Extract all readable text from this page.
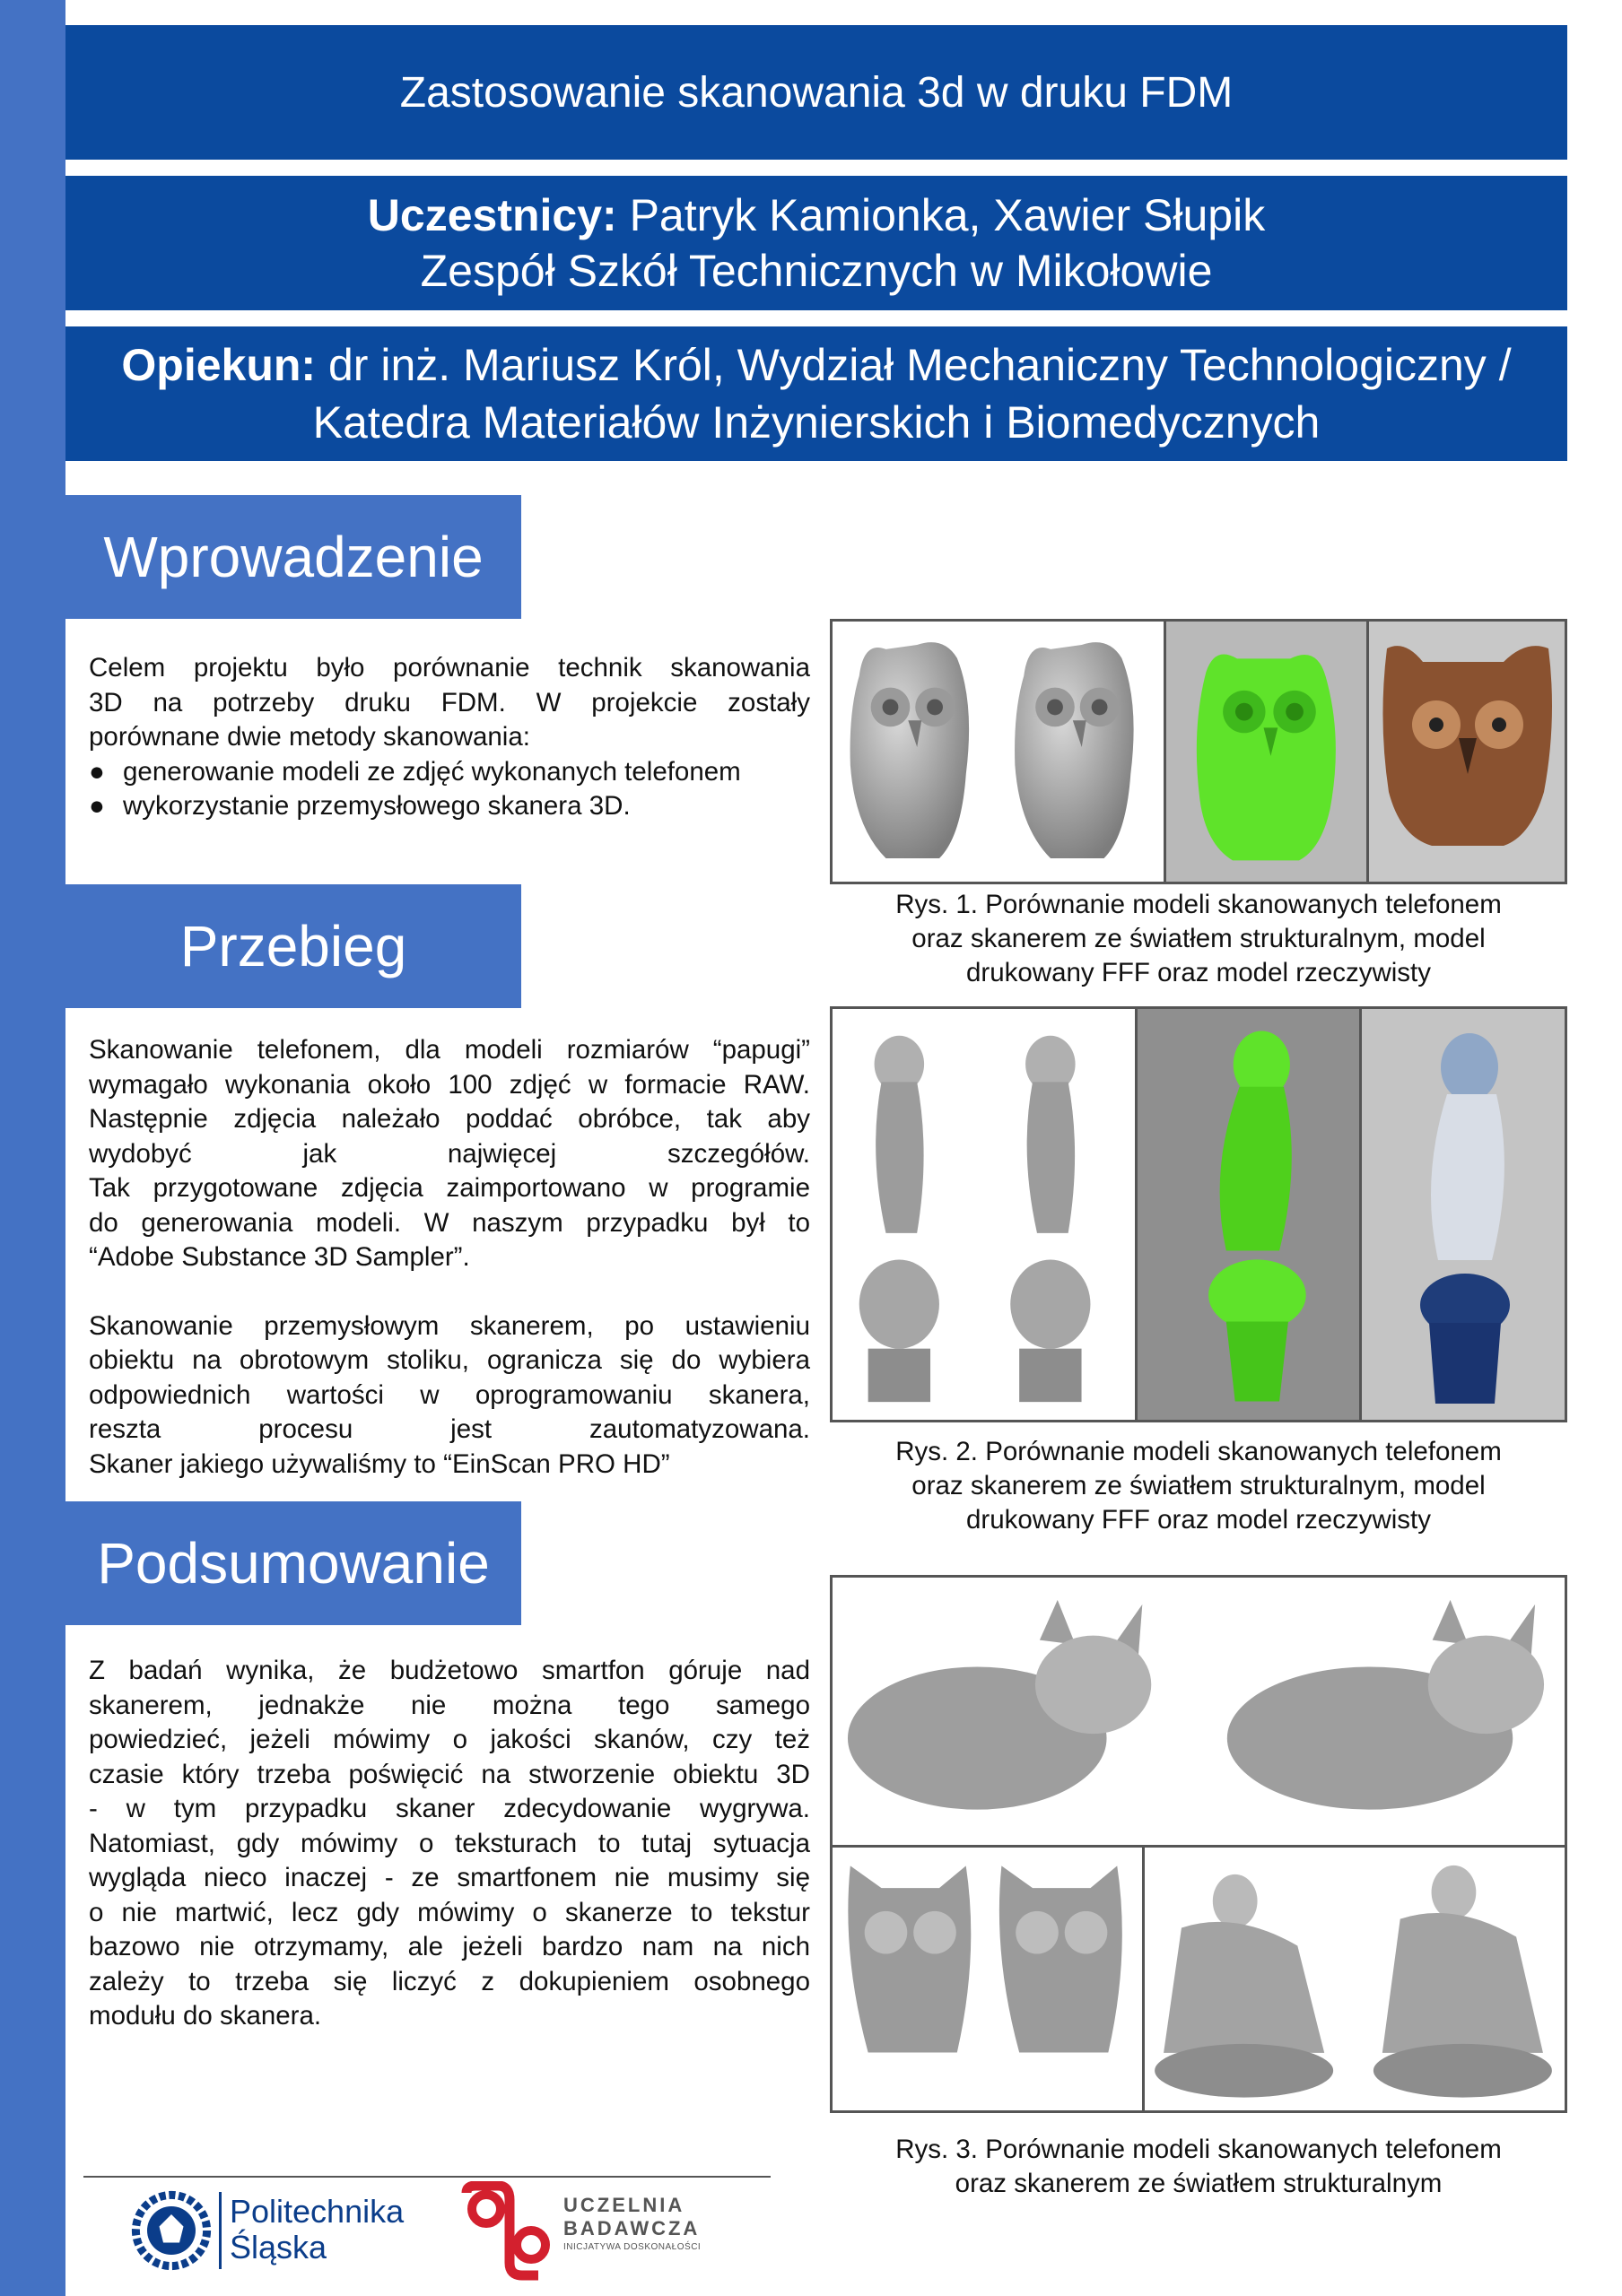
Zastosowanie skanowania 3d w druku FDM
Uczestnicy: Patryk Kamionka, Xawier Słupik
Zespół Szkół Technicznych w Mikołowie
Opiekun: dr inż. Mariusz Król, Wydział Mechaniczny Technologiczny /
Katedra Materiałów Inżynierskich i Biomedycznych
Wprowadzenie
Celem projektu było porównanie technik skanowania
3D na potrzeby druku FDM. W projekcie zostały
porównane dwie metody skanowania:
● generowanie modeli ze zdjęć wykonanych telefonem
● wykorzystanie przemysłowego skanera 3D.
Przebieg
Skanowanie telefonem, dla modeli rozmiarów “papugi”
wymagało wykonania około 100 zdjęć w formacie RAW.
Następnie zdjęcia należało poddać obróbce, tak aby
wydobyć jak najwięcej szczegółów.
Tak przygotowane zdjęcia zaimportowano w programie
do generowania modeli. W naszym przypadku był to
“Adobe Substance 3D Sampler”.
Skanowanie przemysłowym skanerem, po ustawieniu
obiektu na obrotowym stoliku, ogranicza się do wybiera
odpowiednich wartości w oprogramowaniu skanera,
reszta procesu jest zautomatyzowana.
Skaner jakiego używaliśmy to “EinScan PRO HD”
Podsumowanie
Z badań wynika, że budżetowo smartfon góruje nad
skanerem, jednakże nie można tego samego
powiedzieć, jeżeli mówimy o jakości skanów, czy też
czasie który trzeba poświęcić na stworzenie obiektu 3D
- w tym przypadku skaner zdecydowanie wygrywa.
Natomiast, gdy mówimy o teksturach to tutaj sytuacja
wygląda nieco inaczej - ze smartfonem nie musimy się
o nie martwić, lecz gdy mówimy o skanerze to tekstur
bazowo nie otrzymamy, ale jeżeli bardzo nam na nich
zależy to trzeba się liczyć z dokupieniem osobnego
modułu do skanera.
Rys. 1. Porównanie modeli skanowanych telefonem
oraz skanerem ze światłem strukturalnym, model
drukowany FFF oraz model rzeczywisty
Rys. 2. Porównanie modeli skanowanych telefonem
oraz skanerem ze światłem strukturalnym, model
drukowany FFF oraz model rzeczywisty
Rys. 3. Porównanie modeli skanowanych telefonem
oraz skanerem ze światłem strukturalnym
Politechnika
Śląska
UCZELNIA
BADAWCZA
INICJATYWA DOSKONAŁOŚCI
